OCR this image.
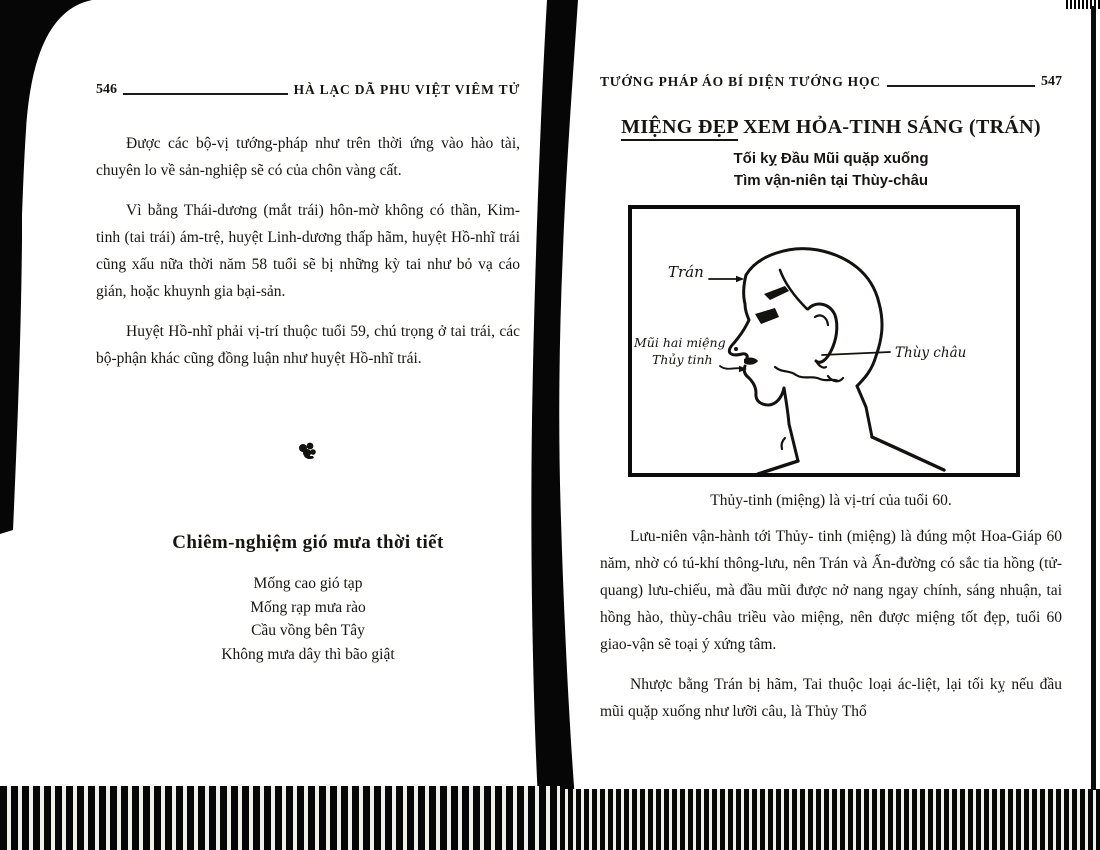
546	HÀ LẠC DÃ PHU VIỆT VIÊM TỬ

Được các bộ-vị tướng-pháp như trên thời ứng vào hào tài, chuyên lo về sản-nghiệp sẽ có của chôn vàng cất.

Vì bằng Thái-dương (mắt trái) hôn-mờ không có thần, Kim-tinh (tai trái) ám-trệ, huyệt Linh-dương thấp hãm, huyệt Hồ-nhĩ trái cũng xấu nữa thời năm 58 tuổi sẽ bị những kỳ tai như bỏ vạ cáo gián, hoặc khuynh gia bại-sản.

Huyệt Hồ-nhĩ phải vị-trí thuộc tuổi 59, chú trọng ở tai trái, các bộ-phận khác cũng đồng luận như huyệt Hồ-nhĩ trái.

Chiêm-nghiệm gió mưa thời tiết
Mống cao gió tạp
Mống rạp mưa rào
Cầu vồng bên Tây
Không mưa dây thì bão giật
TƯỚNG PHÁP ÁO BÍ DIỆN TƯỚNG HỌC	547
MIỆNG ĐẸP XEM HỎA-TINH SÁNG (TRÁN)
Tối kỵ Đầu Mũi quặp xuống
Tìm vận-niên tại Thùy-châu
Trán
Mũi hai miệng
Thủy tinh	Thùy châu
Thủy-tinh (miệng) là vị-trí của tuổi 60.

Lưu-niên vận-hành tới Thủy- tinh (miệng) là đúng một Hoa-Giáp 60 năm, nhờ có tú-khí thông-lưu, nên Trán và Ấn-đường có sắc tia hồng (tử-quang) lưu-chiếu, mà đầu mũi được nở nang ngay chính, sáng nhuận, tai hồng hào, thùy-châu triều vào miệng, nên được miệng tốt đẹp, tuổi 60 giao-vận sẽ toại ý xứng tâm.

Nhược bằng Trán bị hãm, Tai thuộc loại ác-liệt, lại tối kỵ nếu đầu mũi quặp xuống như lưỡi câu, là Thủy Thổ
